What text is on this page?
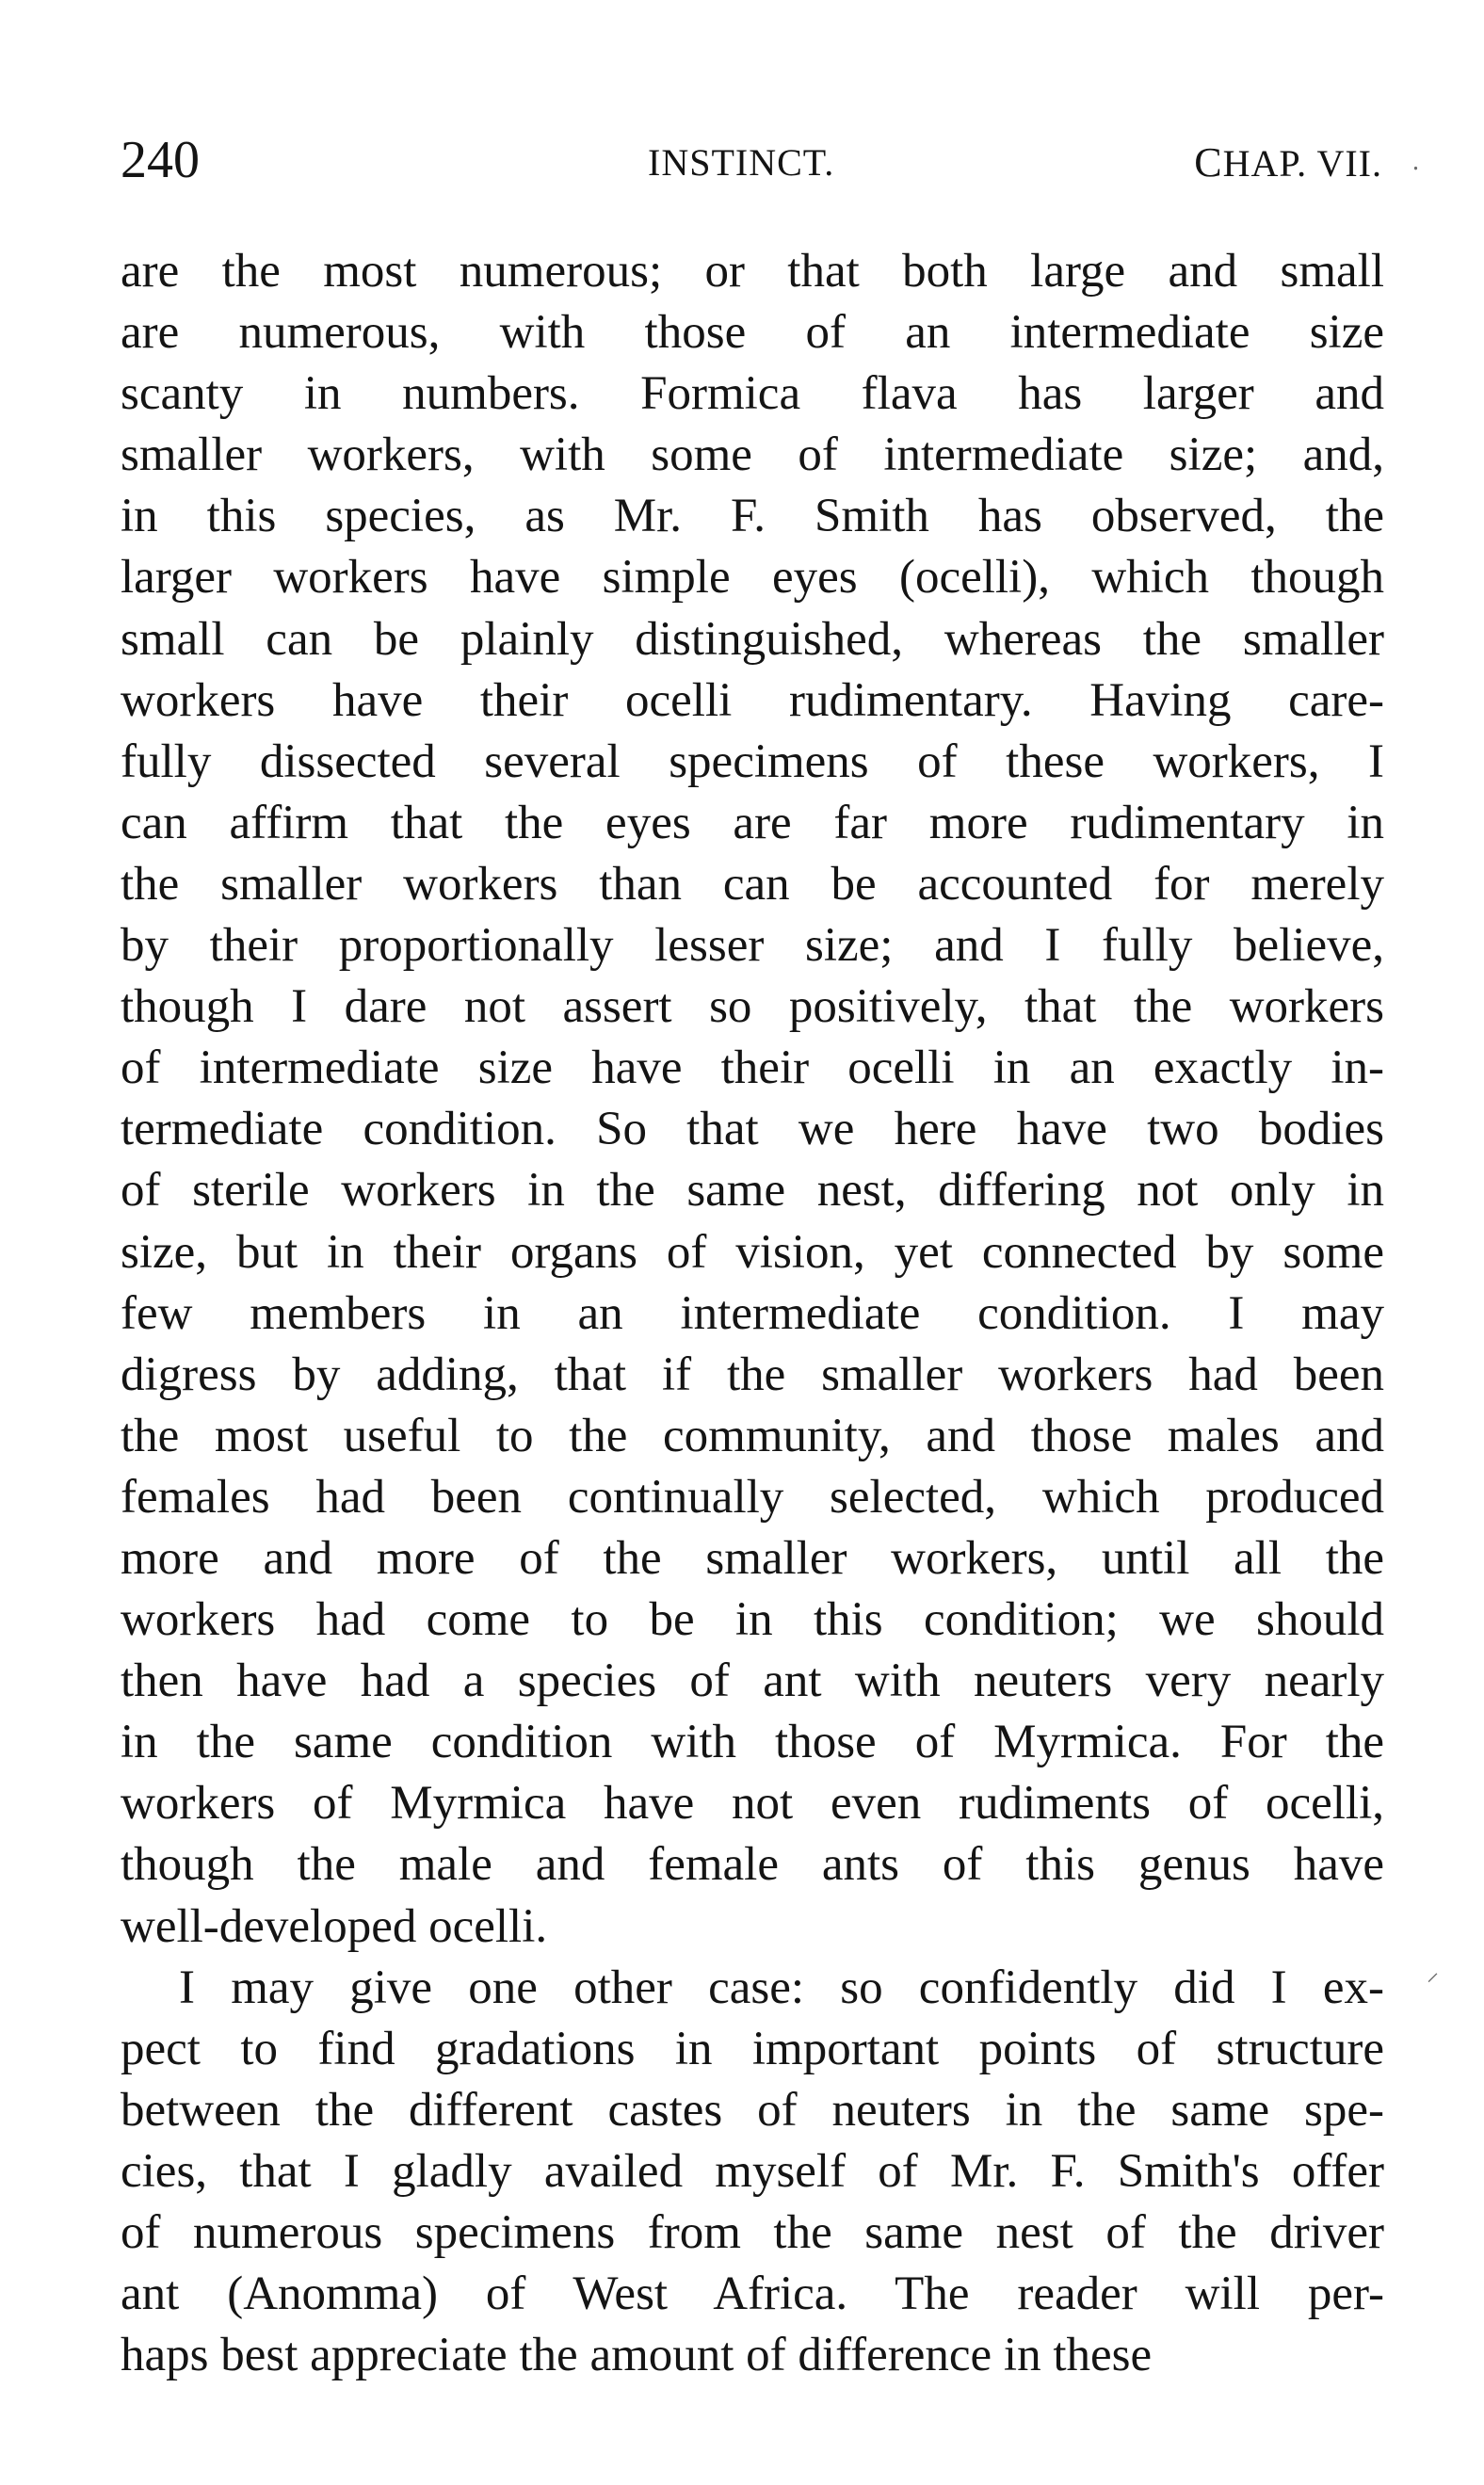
240	INSTINCT.	CHAP. VII.
are the most numerous; or that both large and small
are numerous, with those of an intermediate size
scanty in numbers. Formica flava has larger and
smaller workers, with some of intermediate size; and,
in this species, as Mr. F. Smith has observed, the
larger workers have simple eyes (ocelli), which though
small can be plainly distinguished, whereas the smaller
workers have their ocelli rudimentary. Having care-
fully dissected several specimens of these workers, I
can affirm that the eyes are far more rudimentary in
the smaller workers than can be accounted for merely
by their proportionally lesser size; and I fully believe,
though I dare not assert so positively, that the workers
of intermediate size have their ocelli in an exactly in-
termediate condition. So that we here have two bodies
of sterile workers in the same nest, differing not only in
size, but in their organs of vision, yet connected by some
few members in an intermediate condition. I may
digress by adding, that if the smaller workers had been
the most useful to the community, and those males and
females had been continually selected, which produced
more and more of the smaller workers, until all the
workers had come to be in this condition; we should
then have had a species of ant with neuters very nearly
in the same condition with those of Myrmica. For the
workers of Myrmica have not even rudiments of ocelli,
though the male and female ants of this genus have
well-developed ocelli.
I may give one other case: so confidently did I ex-
pect to find gradations in important points of structure
between the different castes of neuters in the same spe-
cies, that I gladly availed myself of Mr. F. Smith's offer
of numerous specimens from the same nest of the driver
ant (Anomma) of West Africa. The reader will per-
haps best appreciate the amount of difference in these
⸱
⸝
